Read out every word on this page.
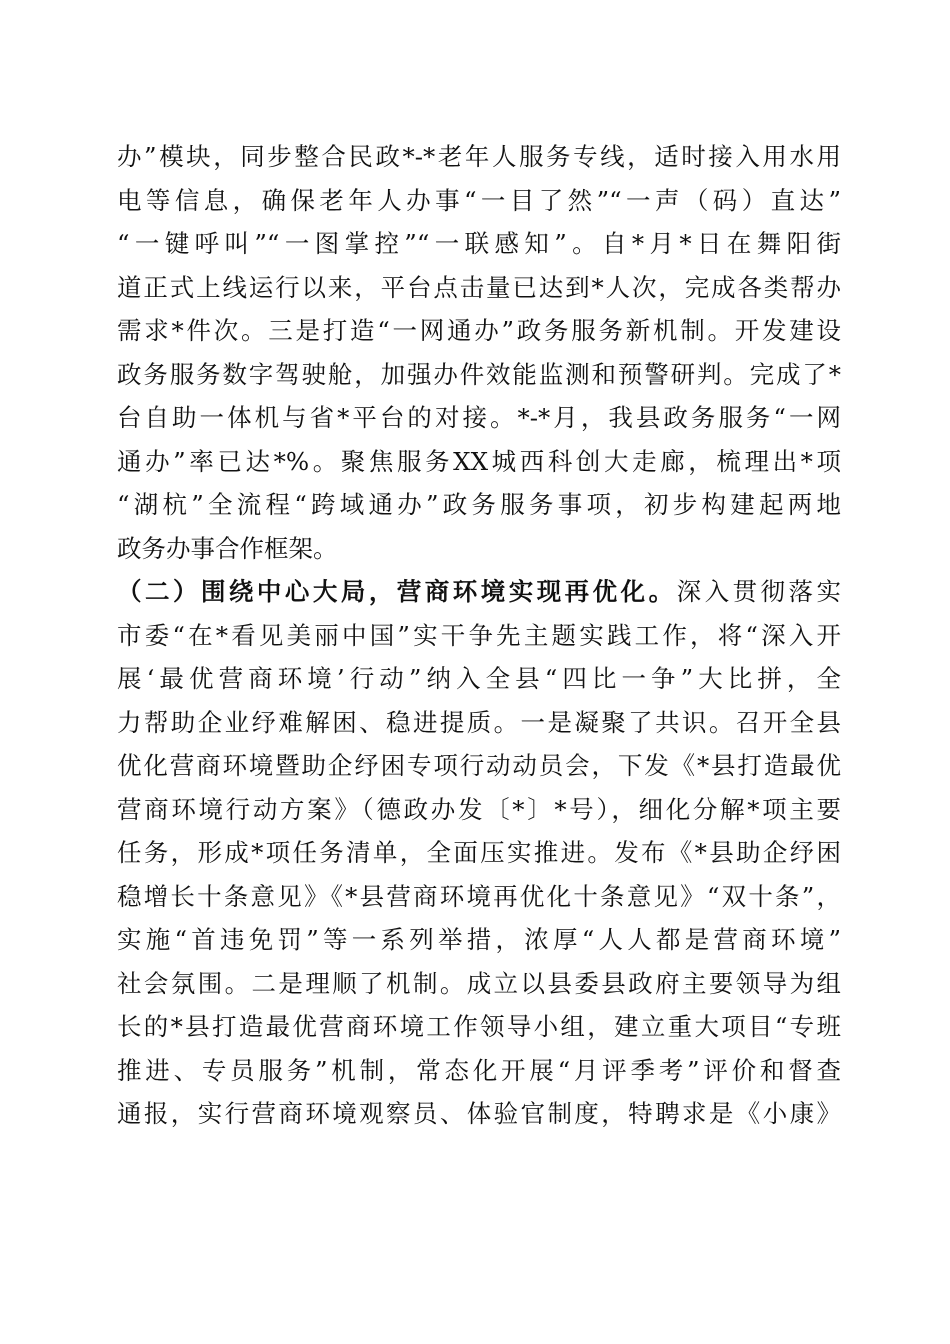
办”模块，同步整合民政*-*老年人服务专线，适时接入用水用
电等信息，确保老年人办事“一目了然”“一声（码）直达”
“一键呼叫”“一图掌控”“一联感知”。自*月*日在舞阳街
道正式上线运行以来，平台点击量已达到*人次，完成各类帮办
需求*件次。三是打造“一网通办”政务服务新机制。开发建设
政务服务数字驾驶舱，加强办件效能监测和预警研判。完成了*
台自助一体机与省*平台的对接。*-*月，我县政务服务“一网
通办”率已达*%。聚焦服务XX城西科创大走廊，梳理出*项
“湖杭”全流程“跨域通办”政务服务事项，初步构建起两地
政务办事合作框架。
（二）围绕中心大局，营商环境实现再优化。深入贯彻落实
市委“在*看见美丽中国”实干争先主题实践工作，将“深入开
展‘最优营商环境’行动”纳入全县“四比一争”大比拼，全
力帮助企业纾难解困、稳进提质。一是凝聚了共识。召开全县
优化营商环境暨助企纾困专项行动动员会，下发《*县打造最优
营商环境行动方案》（德政办发〔*〕*号），细化分解*项主要
任务，形成*项任务清单，全面压实推进。发布《*县助企纾困
稳增长十条意见》《*县营商环境再优化十条意见》“双十条”，
实施“首违免罚”等一系列举措，浓厚“人人都是营商环境”
社会氛围。二是理顺了机制。成立以县委县政府主要领导为组
长的*县打造最优营商环境工作领导小组，建立重大项目“专班
推进、专员服务”机制，常态化开展“月评季考”评价和督查
通报，实行营商环境观察员、体验官制度，特聘求是《小康》
